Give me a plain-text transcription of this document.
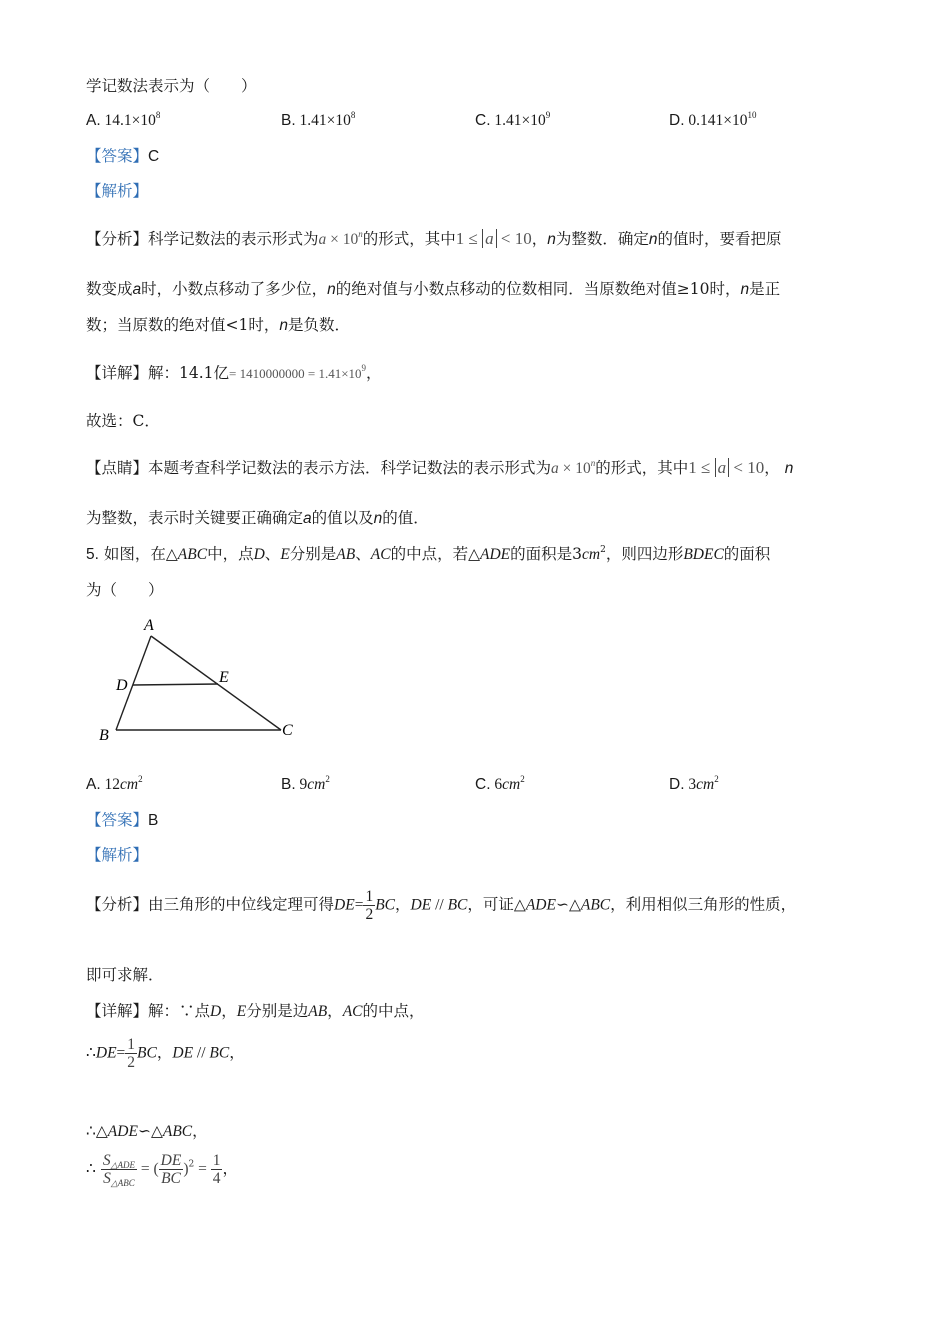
学记数法表示为（　　）
A. $14.1\times 10^8$	B. $1.41\times 10^8$	C. $1.41\times 10^9$	D. $0.141\times 10^{10}$
【答案】C
【解析】
【分析】科学记数法的表示形式为$a \times 10^n$的形式，其中1 ≤ a < 10，n为整数．确定n的值时，要看把原
数变成a时，小数点移动了多少位，n的绝对值与小数点移动的位数相同．当原数绝对值≥10时，n是正
数；当原数的绝对值<1时，n是负数．
【详解】解：14.1亿= $1410000000 = 1.41\times 10^9$，
故选：C．
【点睛】本题考查科学记数法的表示方法．科学记数法的表示形式为$a \times 10^n$的形式，其中1 ≤ a < 10， n
为整数，表示时关键要正确确定a的值以及n的值．
5. 如图，在△ABC中，点D、E分别是AB、AC的中点，若△ADE的面积是$3cm^2$，则四边形BDEC的面积
为（　　）
A
D	E
B	C
A. $12cm^2$	B. $9cm^2$	C. $6cm^2$	D. $3cm^2$
【答案】B
【解析】
【分析】由三角形的中位线定理可得$DE= \frac{1}{2}$ BC，DE // BC，可证△ADE∽△ABC，利用相似三角形的性质，
即可求解．
【详解】解：∵点D，E分别是边AB，AC的中点，
∴DE= $\frac{1}{2}$ BC，DE // BC，
∴△ADE∽△ABC，
∴ $\frac{S_{\triangle ADE}}{S_{\triangle ABC}}$ = ( $\frac{DE}{BC} )^2 = \frac{1}{4}$ ，
